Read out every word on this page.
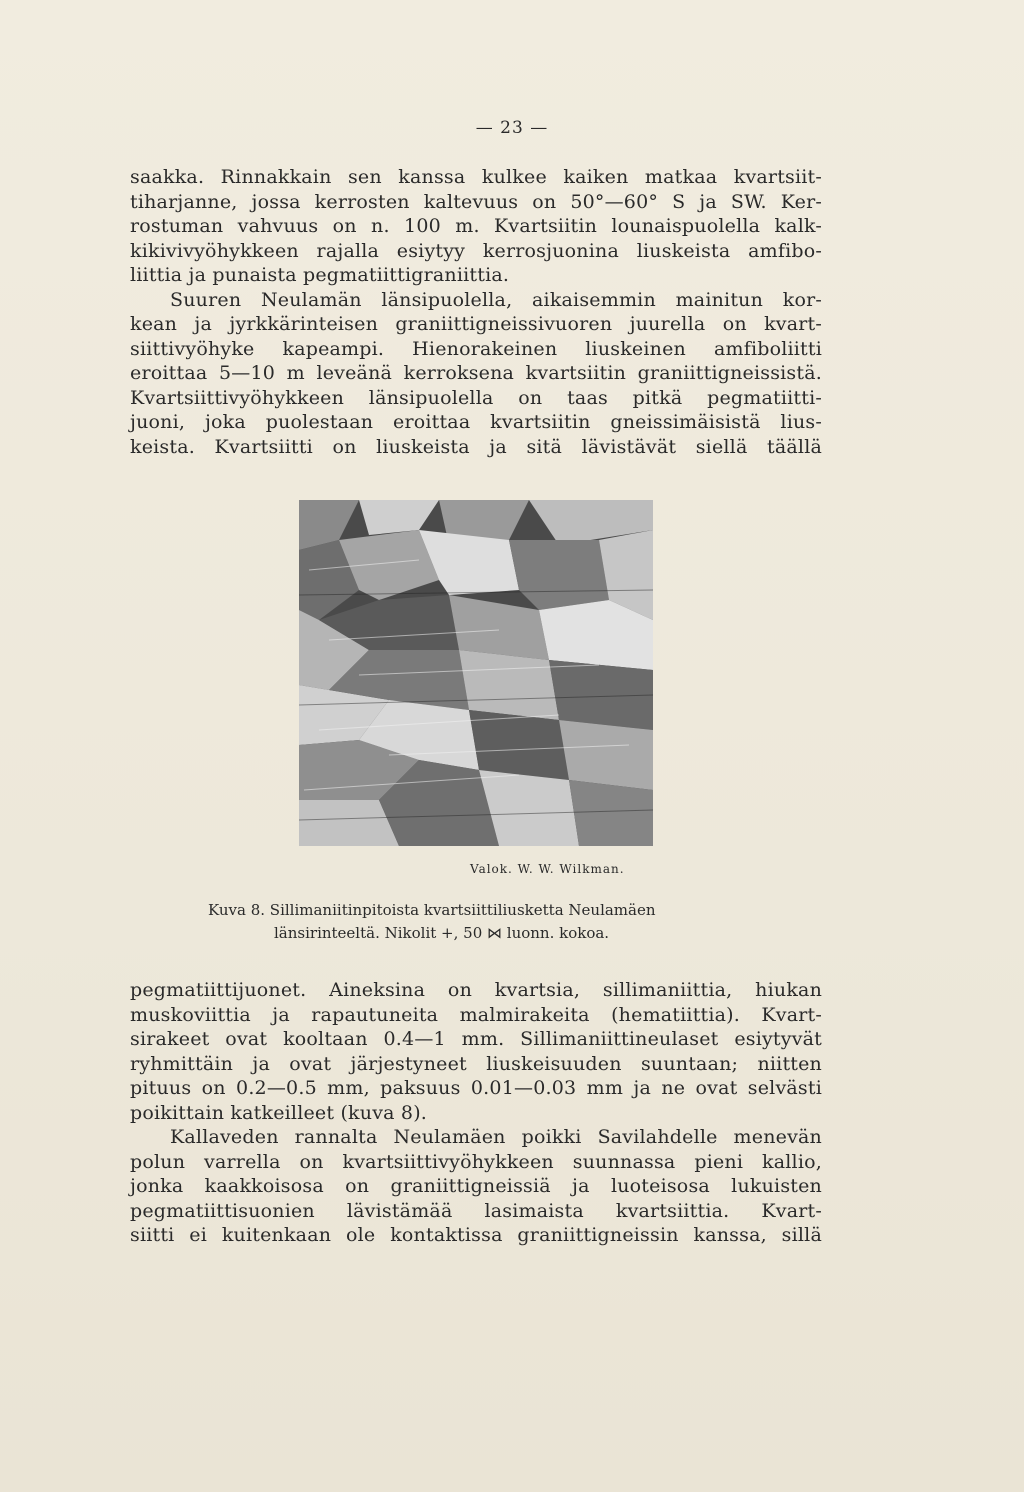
— 23 —
saakka. Rinnakkain sen kanssa kulkee kaiken matkaa kvartsiit-
tiharjanne, jossa kerrosten kaltevuus on 50°—60° S ja SW. Ker-
rostuman vahvuus on n. 100 m. Kvartsiitin lounaispuolella kalk-
kikivivyöhykkeen rajalla esiytyy kerrosjuonina liuskeista amfibo-
liittia ja punaista pegmatiittigraniittia.
Suuren Neulamän länsipuolella, aikaisemmin mainitun kor-
kean ja jyrkkärinteisen graniittigneissivuoren juurella on kvart-
siittivyöhyke kapeampi. Hienorakeinen liuskeinen amfiboliitti
eroittaa 5—10 m leveänä kerroksena kvartsiitin graniittigneissistä.
Kvartsiittivyöhykkeen länsipuolella on taas pitkä pegmatiitti-
juoni, joka puolestaan eroittaa kvartsiitin gneissimäisistä lius-
keista. Kvartsiitti on liuskeista ja sitä lävistävät siellä täällä
Valok. W. W. Wilkman.
Kuva 8. Sillimaniitinpitoista kvartsiittiliusketta Neulamäen
länsirinteeltä. Nikolit +, 50 ⋈ luonn. kokoa.
pegmatiittijuonet. Aineksina on kvartsia, sillimaniittia, hiukan
muskoviittia ja rapautuneita malmirakeita (hematiittia). Kvart-
sirakeet ovat kooltaan 0.4—1 mm. Sillimaniittineulaset esiytyvät
ryhmittäin ja ovat järjestyneet liuskeisuuden suuntaan; niitten
pituus on 0.2—0.5 mm, paksuus 0.01—0.03 mm ja ne ovat selvästi
poikittain katkeilleet (kuva 8).
Kallaveden rannalta Neulamäen poikki Savilahdelle menevän
polun varrella on kvartsiittivyöhykkeen suunnassa pieni kallio,
jonka kaakkoisosa on graniittigneissiä ja luoteisosa lukuisten
pegmatiittisuonien lävistämää lasimaista kvartsiittia. Kvart-
siitti ei kuitenkaan ole kontaktissa graniittigneissin kanssa, sillä
